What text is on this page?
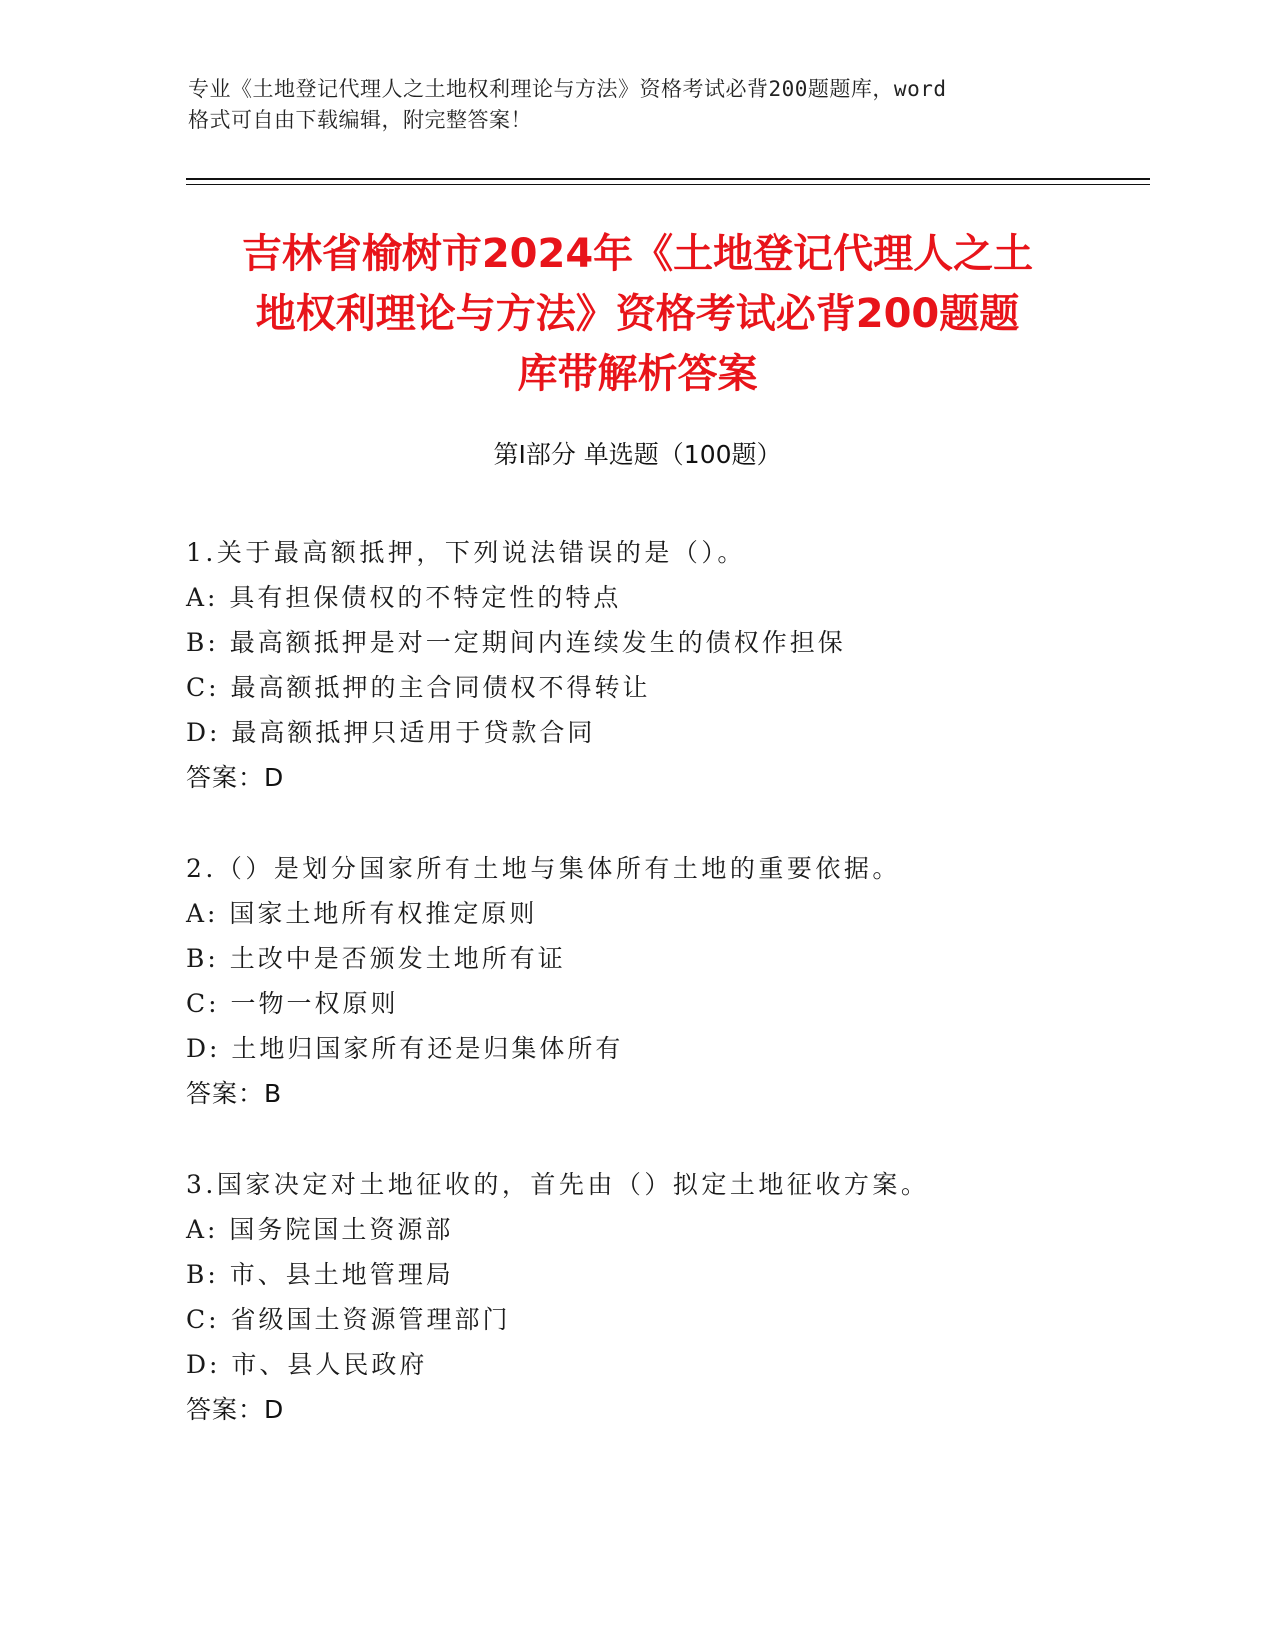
专业《土地登记代理人之土地权利理论与方法》资格考试必背200题题库，word
格式可自由下载编辑，附完整答案！
吉林省榆树市2024年《土地登记代理人之土
地权利理论与方法》资格考试必背200题题
库带解析答案
第Ⅰ部分 单选题（100题）
1.关于最高额抵押，下列说法错误的是（）。
A: 具有担保债权的不特定性的特点
B: 最高额抵押是对一定期间内连续发生的债权作担保
C: 最高额抵押的主合同债权不得转让
D: 最高额抵押只适用于贷款合同
答案：D
2.（）是划分国家所有土地与集体所有土地的重要依据。
A: 国家土地所有权推定原则
B: 土改中是否颁发土地所有证
C: 一物一权原则
D: 土地归国家所有还是归集体所有
答案：B
3.国家决定对土地征收的，首先由（）拟定土地征收方案。
A: 国务院国土资源部
B: 市、县土地管理局
C: 省级国土资源管理部门
D: 市、县人民政府
答案：D
